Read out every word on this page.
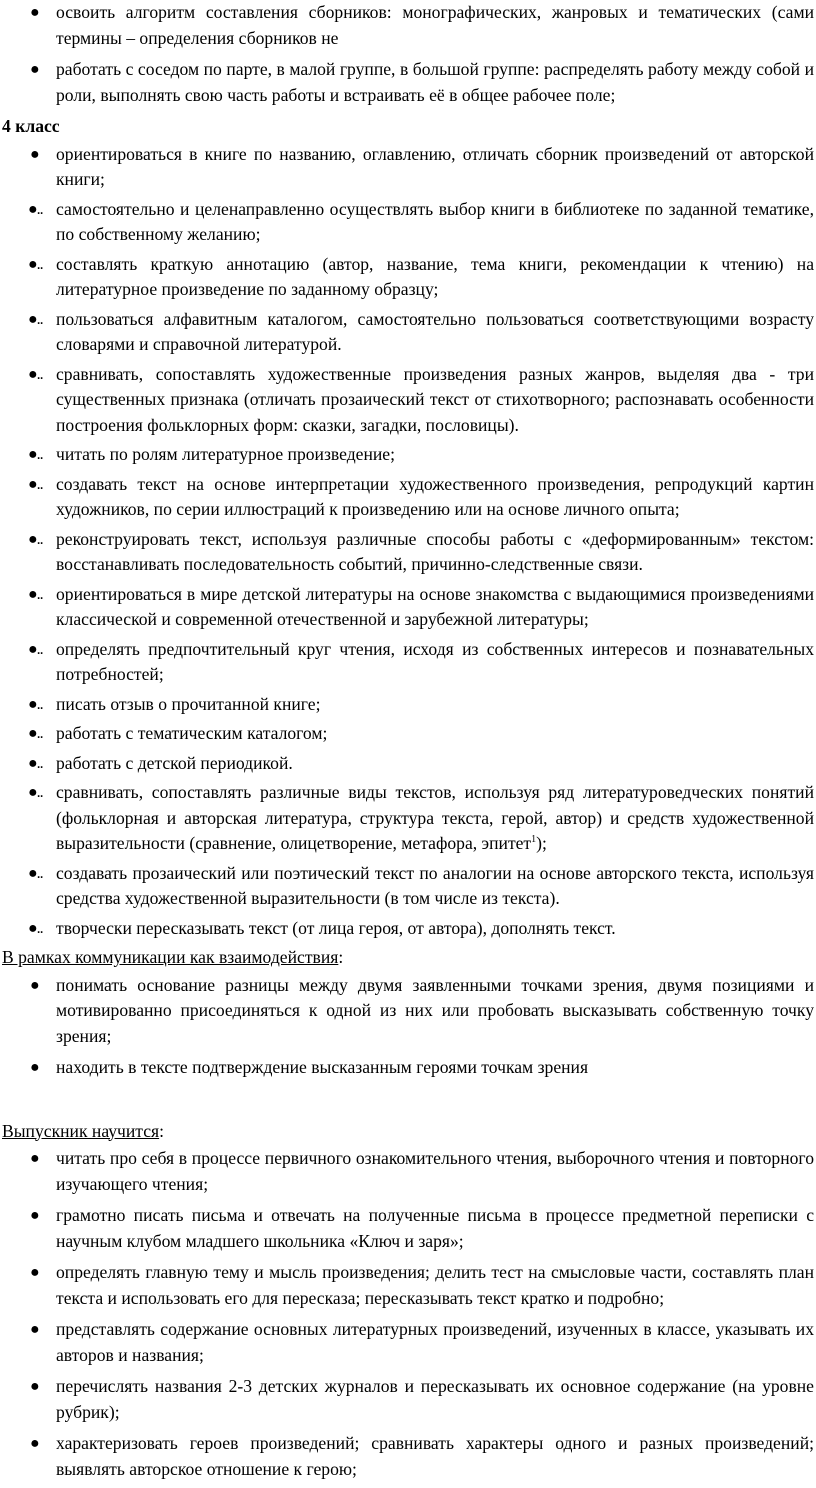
● освоить алгоритм составления сборников: монографических, жанровых и тематических (сами термины – определения сборников не
● работать с соседом по парте, в малой группе, в большой группе: распределять работу между собой и роли, выполнять свою часть работы и встраивать её в общее рабочее поле;
4 класс
● ориентироваться в книге по названию, оглавлению, отличать сборник произведений от авторской книги;
●.. самостоятельно и целенаправленно осуществлять выбор книги в библиотеке по заданной тематике, по собственному желанию;
●.. составлять краткую аннотацию (автор, название, тема книги, рекомендации к чтению) на литературное произведение по заданному образцу;
●.. пользоваться алфавитным каталогом, самостоятельно пользоваться соответствующими возрасту словарями и справочной литературой.
●.. сравнивать, сопоставлять художественные произведения разных жанров, выделяя два - три существенных признака (отличать прозаический текст от стихотворного; распознавать особенности построения фольклорных форм: сказки, загадки, пословицы).
●.. читать по ролям литературное произведение;
●.. создавать текст на основе интерпретации художественного произведения, репродукций картин художников, по серии иллюстраций к произведению или на основе личного опыта;
●.. реконструировать текст, используя различные способы работы с «деформированным» текстом: восстанавливать последовательность событий, причинно-следственные связи.
●.. ориентироваться в мире детской литературы на основе знакомства с выдающимися произведениями классической и современной отечественной и зарубежной литературы;
●.. определять предпочтительный круг чтения, исходя из собственных интересов и познавательных потребностей;
●.. писать отзыв о прочитанной книге;
●.. работать с тематическим каталогом;
●.. работать с детской периодикой.
●.. сравнивать, сопоставлять различные виды текстов, используя ряд литературоведческих понятий (фольклорная и авторская литература, структура текста, герой, автор) и средств художественной выразительности (сравнение, олицетворение, метафора, эпитет$^1$);
●.. создавать прозаический или поэтический текст по аналогии на основе авторского текста, используя средства художественной выразительности (в том числе из текста).
●.. творчески пересказывать текст (от лица героя, от автора), дополнять текст.
В рамках коммуникации как взаимодействия:
● понимать основание разницы между двумя заявленными точками зрения, двумя позициями и мотивированно присоединяться к одной из них или пробовать высказывать собственную точку зрения;
● находить в тексте подтверждение высказанным героями точкам зрения
Выпускник научится:
● читать про себя в процессе первичного ознакомительного чтения, выборочного чтения и повторного изучающего чтения;
● грамотно писать письма и отвечать на полученные письма в процессе предметной переписки с научным клубом младшего школьника «Ключ и заря»;
● определять главную тему и мысль произведения; делить тест на смысловые части, составлять план текста и использовать его для пересказа; пересказывать текст кратко и подробно;
● представлять содержание основных литературных произведений, изученных в классе, указывать их авторов и названия;
● перечислять названия 2-3 детских журналов и пересказывать их основное содержание (на уровне рубрик);
● характеризовать героев произведений; сравнивать характеры одного и разных произведений; выявлять авторское отношение к герою;
